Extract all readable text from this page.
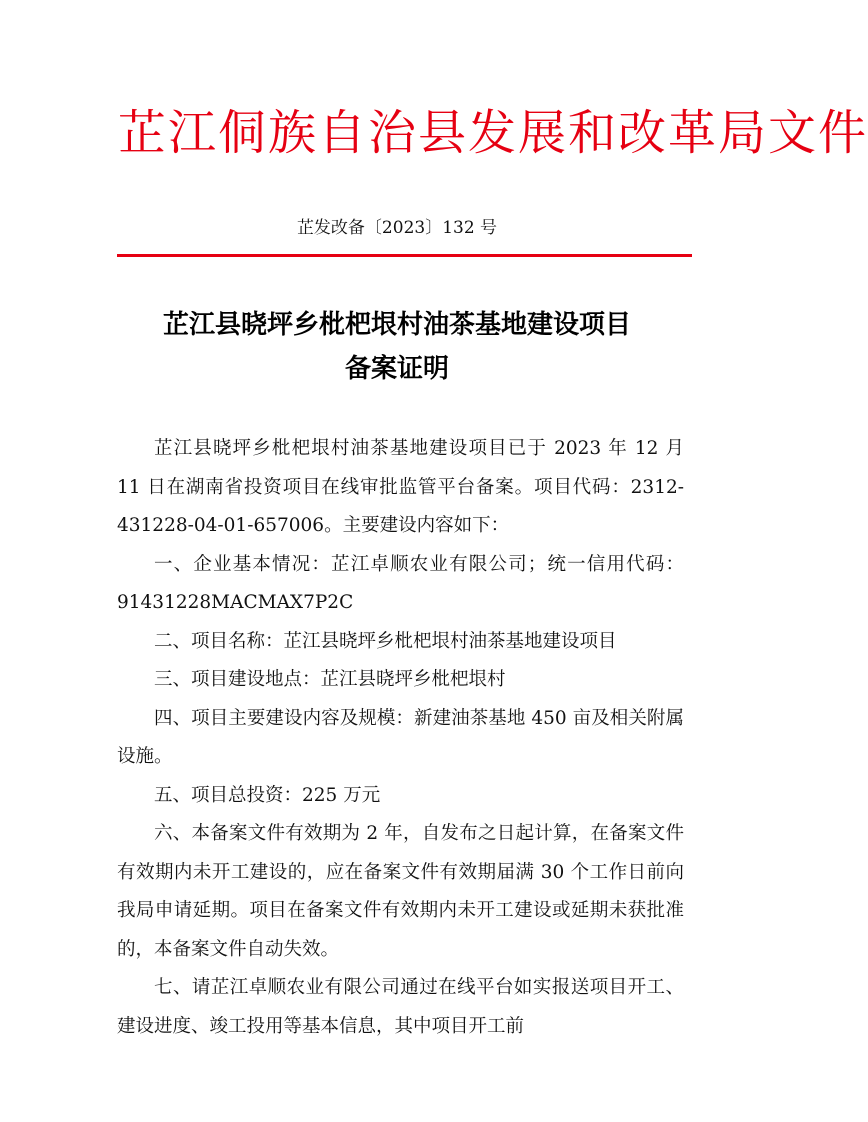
芷江侗族自治县发展和改革局文件
芷发改备〔2023〕132 号
芷江县晓坪乡枇杷垠村油茶基地建设项目
备案证明

芷江县晓坪乡枇杷垠村油茶基地建设项目已于 2023 年 12 月 11 日在湖南省投资项目在线审批监管平台备案。项目代码：2312-431228-04-01-657006。主要建设内容如下：

一、企业基本情况：芷江卓顺农业有限公司；统一信用代码：91431228MACMAX7P2C

二、项目名称：芷江县晓坪乡枇杷垠村油茶基地建设项目

三、项目建设地点：芷江县晓坪乡枇杷垠村

四、项目主要建设内容及规模：新建油茶基地 450 亩及相关附属设施。

五、项目总投资：225 万元

六、本备案文件有效期为 2 年，自发布之日起计算，在备案文件有效期内未开工建设的，应在备案文件有效期届满 30 个工作日前向我局申请延期。项目在备案文件有效期内未开工建设或延期未获批准的，本备案文件自动失效。

七、请芷江卓顺农业有限公司通过在线平台如实报送项目开工、建设进度、竣工投用等基本信息，其中项目开工前
